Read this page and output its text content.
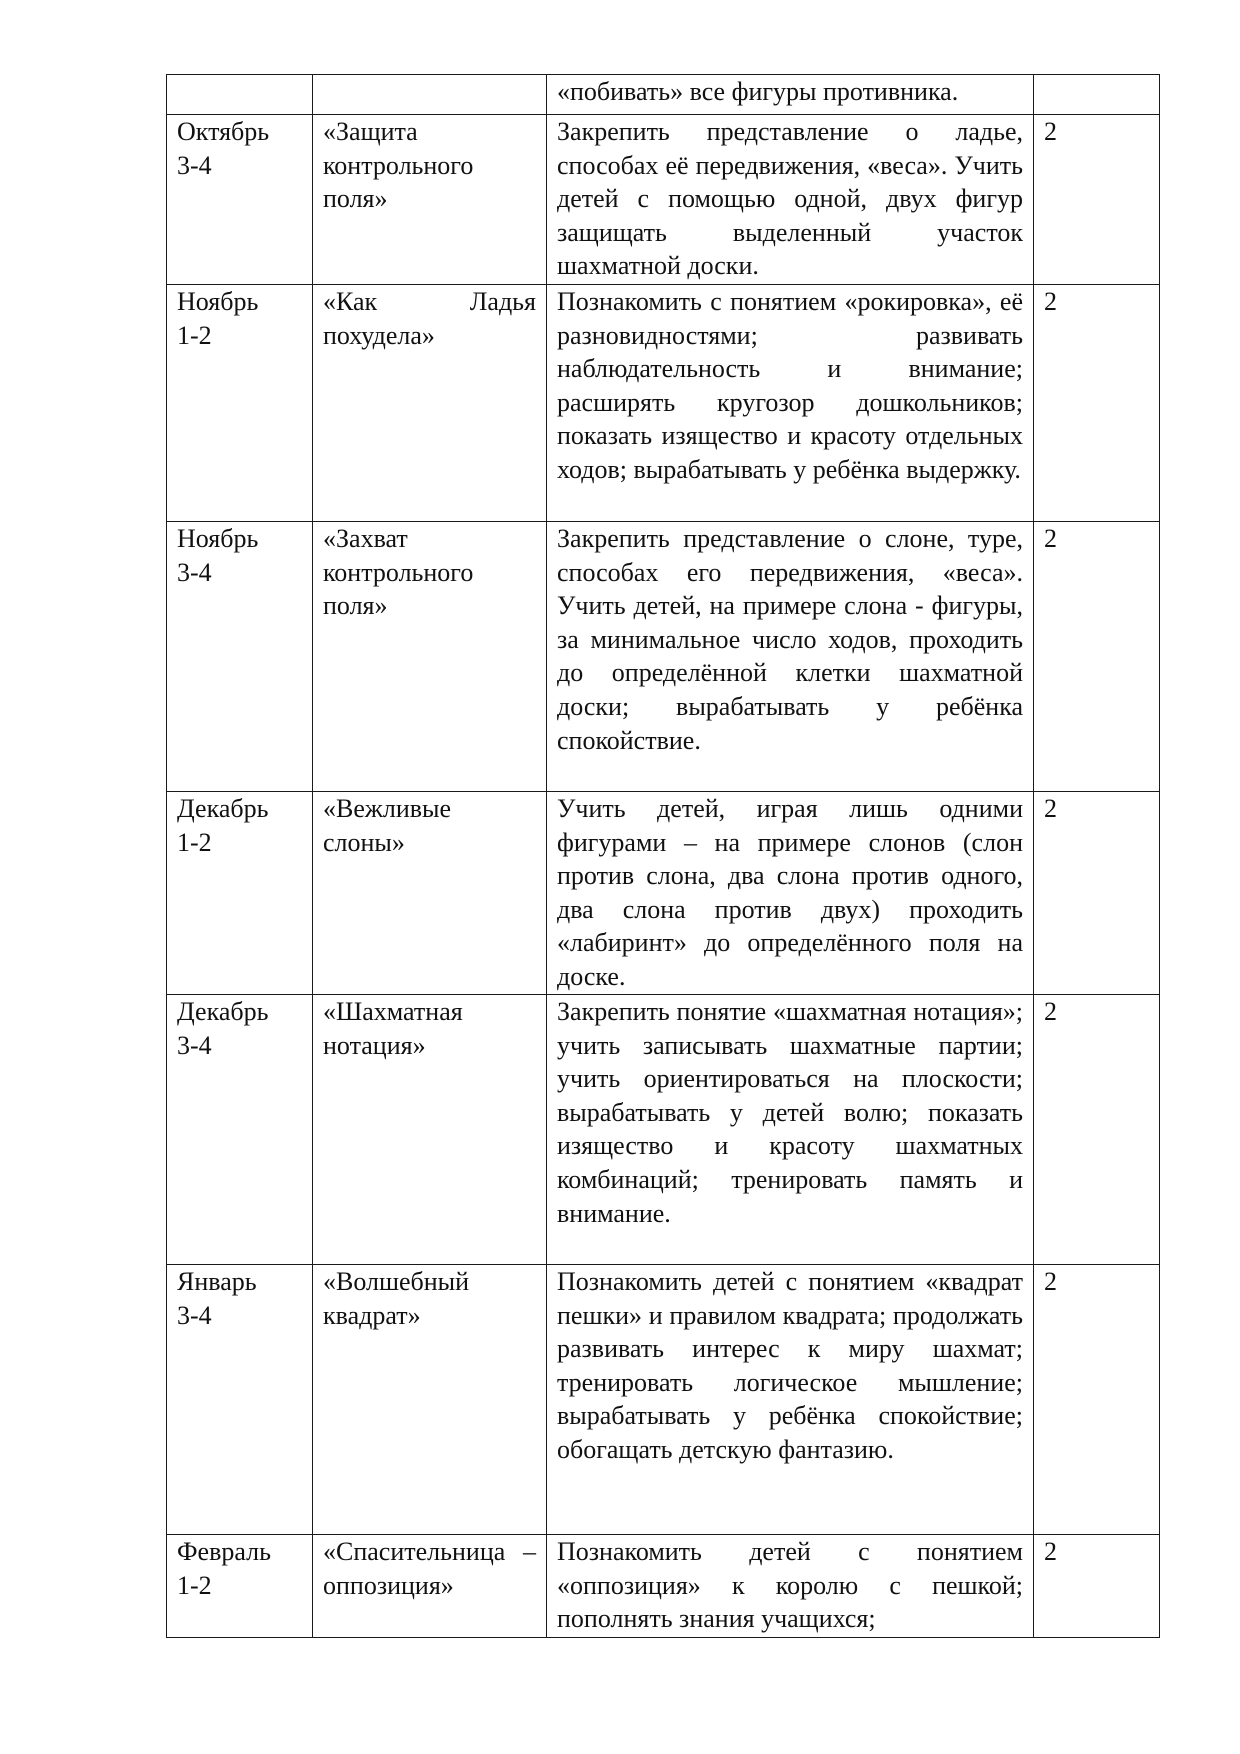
		«побивать» все фигуры противника.	

Октябрь
3-4	«Защита контрольного поля»	Закрепить представление о ладье, способах её передвижения, «веса». Учить детей с помощью одной, двух фигур защищать выделенный участок шахматной доски.	2

Ноябрь
1-2	«Как Ладья похудела»	Познакомить с понятием «рокировка», её разновидностями; развивать наблюдательность и внимание; расширять кругозор дошкольников; показать изящество и красоту отдельных ходов; вырабатывать у ребёнка выдержку.	2

Ноябрь
3-4	«Захват контрольного поля»	Закрепить представление о слоне, туре, способах его передвижения, «веса». Учить детей, на примере слона - фигуры, за минимальное число ходов, проходить до определённой клетки шахматной доски; вырабатывать у ребёнка спокойствие.	2

Декабрь
1-2	«Вежливые слоны»	Учить детей, играя лишь одними фигурами – на примере слонов (слон против слона, два слона против одного, два слона против двух) проходить «лабиринт» до определённого поля на доске.	2

Декабрь
3-4	«Шахматная нотация»	Закрепить понятие «шахматная нотация»; учить записывать шахматные партии; учить ориентироваться на плоскости; вырабатывать у детей волю; показать изящество и красоту шахматных комбинаций; тренировать память и внимание.	2

Январь
3-4	«Волшебный квадрат»	Познакомить детей с понятием «квадрат пешки» и правилом квадрата; продолжать развивать интерес к миру шахмат; тренировать логическое мышление; вырабатывать у ребёнка спокойствие; обогащать детскую фантазию.	2

Февраль
1-2	«Спасительница – оппозиция»	Познакомить детей с понятием «оппозиция» к королю с пешкой; пополнять знания учащихся;	2
